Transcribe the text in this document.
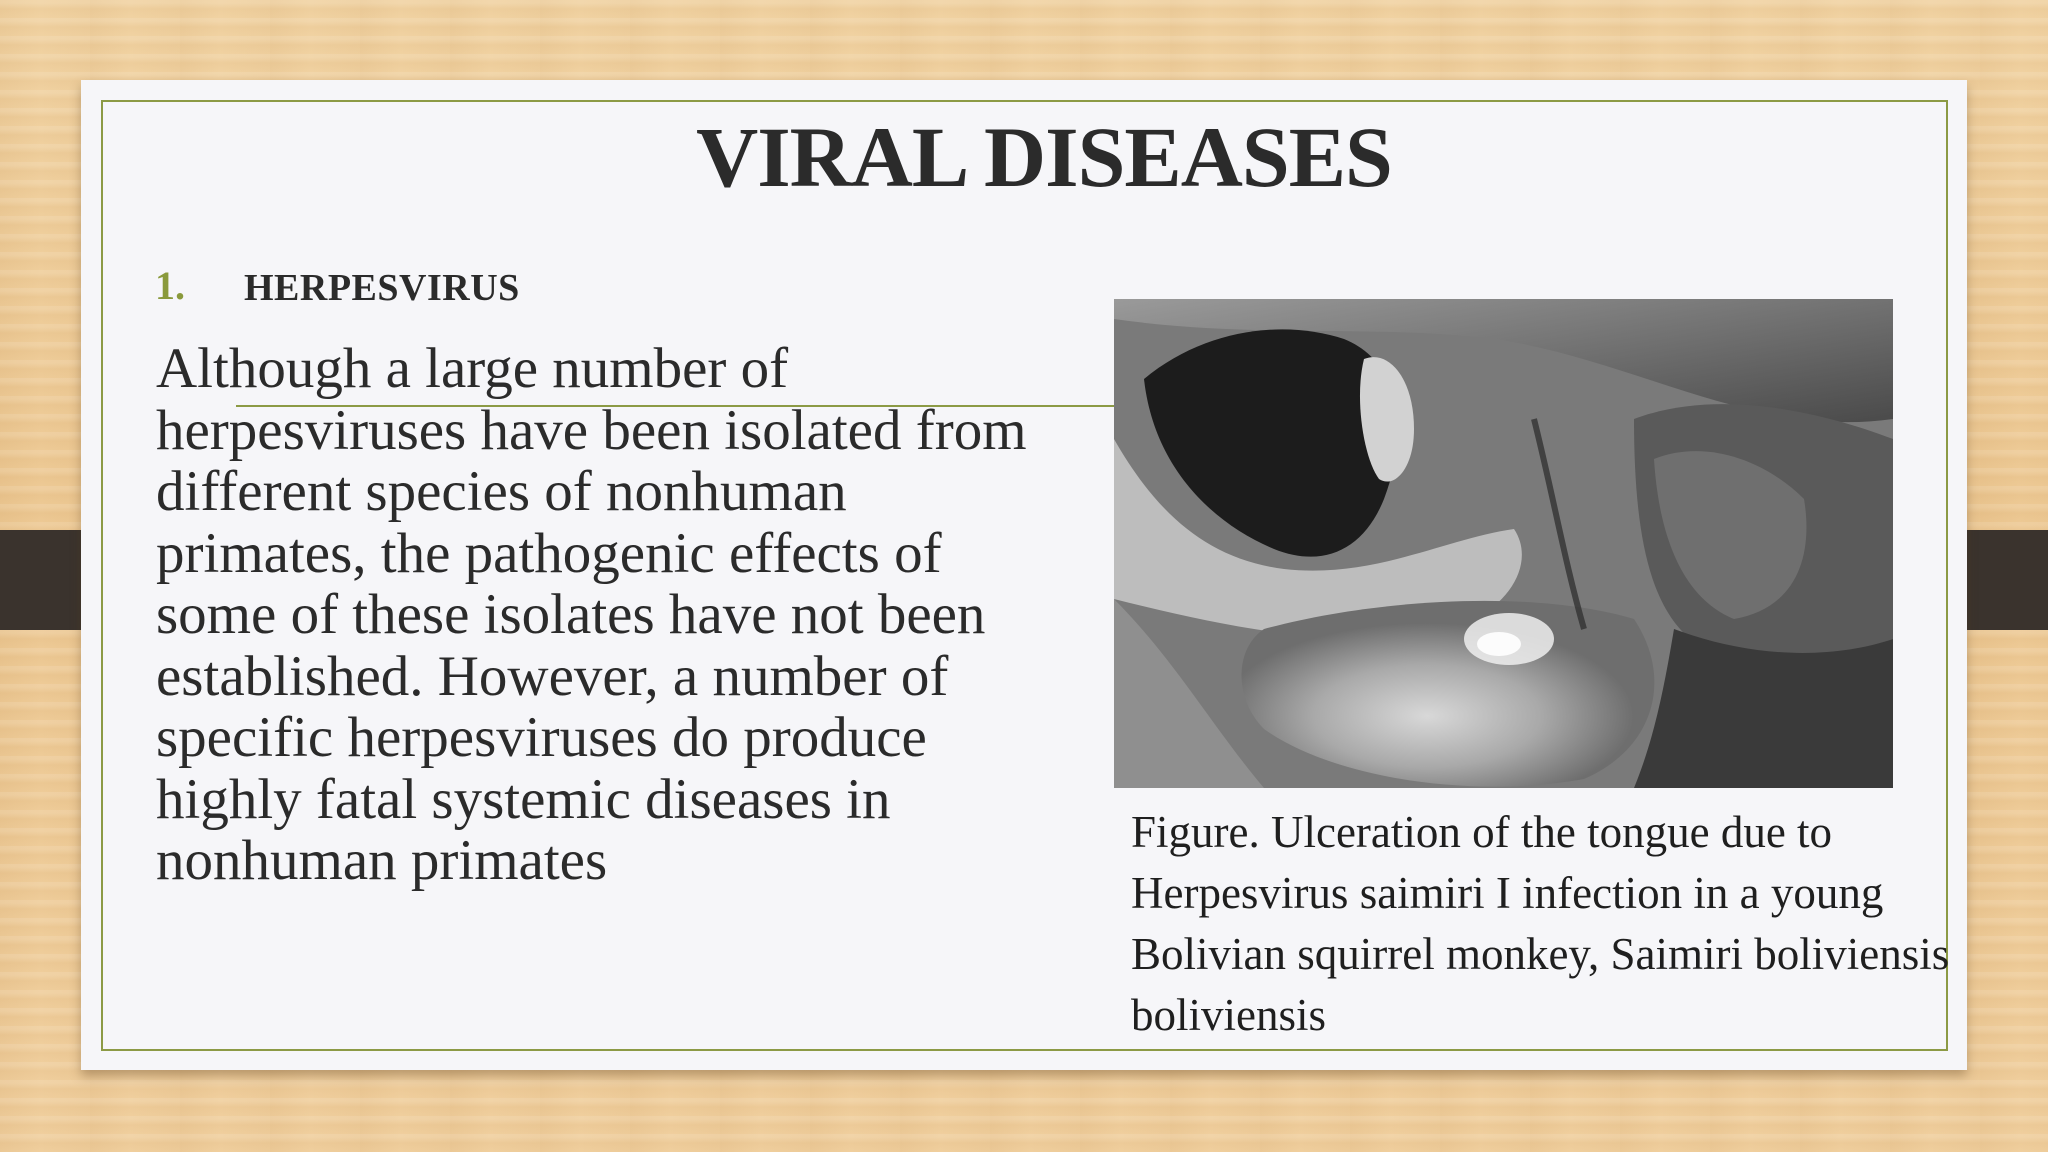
VIRAL DISEASES
1. HERPESVIRUS

Although a large number of herpesviruses have been isolated from different species of nonhuman primates, the pathogenic effects of some of these isolates have not been established. However, a number of specific herpesviruses do produce highly fatal systemic diseases in nonhuman primates	Figure. Ulceration of the tongue due to Herpesvirus saimiri I infection in a young Bolivian squirrel monkey, Saimiri boliviensis boliviensis
